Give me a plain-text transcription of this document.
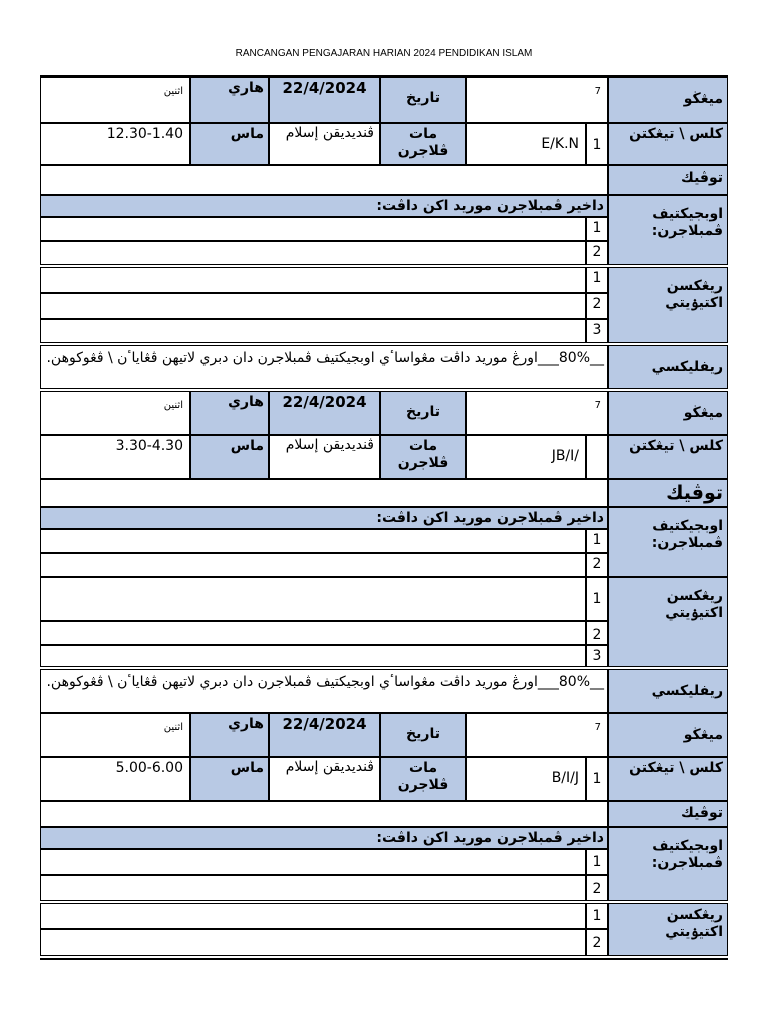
RANCANGAN PENGAJARAN HARIAN 2024 PENDIDIKAN ISLAM
ميڠڬو
7
تاريخ
22/4/2024
هاري
اثنين
كلس \ تيڠكتن
1
E/K.N
مات ڤلاجرن
ڤنديديقن إسلام
ماس
12.30-1.40
توڤيك
اوبجيكتيف ڤمبلاجرن:
داخير ڤمبلاجرن موريد اكن داڤت:
1
2
ريڠكسن اكتيۏيتي
1
2
3
ريفليكسي
__80%___اورڠ موريد داڤت مڠواساٴي اوبجيكتيف ڤمبلاجرن دان دبري لاتيهن ڤڠاياٴن \ ڤڠوكوهن.
ميڠڬو
7
تاريخ
22/4/2024
هاري
اثنين
كلس \ تيڠكتن
JB/I/
مات ڤلاجرن
ڤنديديقن إسلام
ماس
3.30-4.30
توڤيك
اوبجيكتيف ڤمبلاجرن:
داخير ڤمبلاجرن موريد اكن داڤت:
1
2
ريڠكسن اكتيۏيتي
1
2
3
ريفليكسي
__80%___اورڠ موريد داڤت مڠواساٴي اوبجيكتيف ڤمبلاجرن دان دبري لاتيهن ڤڠاياٴن \ ڤڠوكوهن.
ميڠڬو
7
تاريخ
22/4/2024
هاري
اثنين
كلس \ تيڠكتن
1
B/I/J
مات ڤلاجرن
ڤنديديقن إسلام
ماس
5.00-6.00
توڤيك
اوبجيكتيف ڤمبلاجرن:
داخير ڤمبلاجرن موريد اكن داڤت:
1
2
ريڠكسن اكتيۏيتي
1
2
